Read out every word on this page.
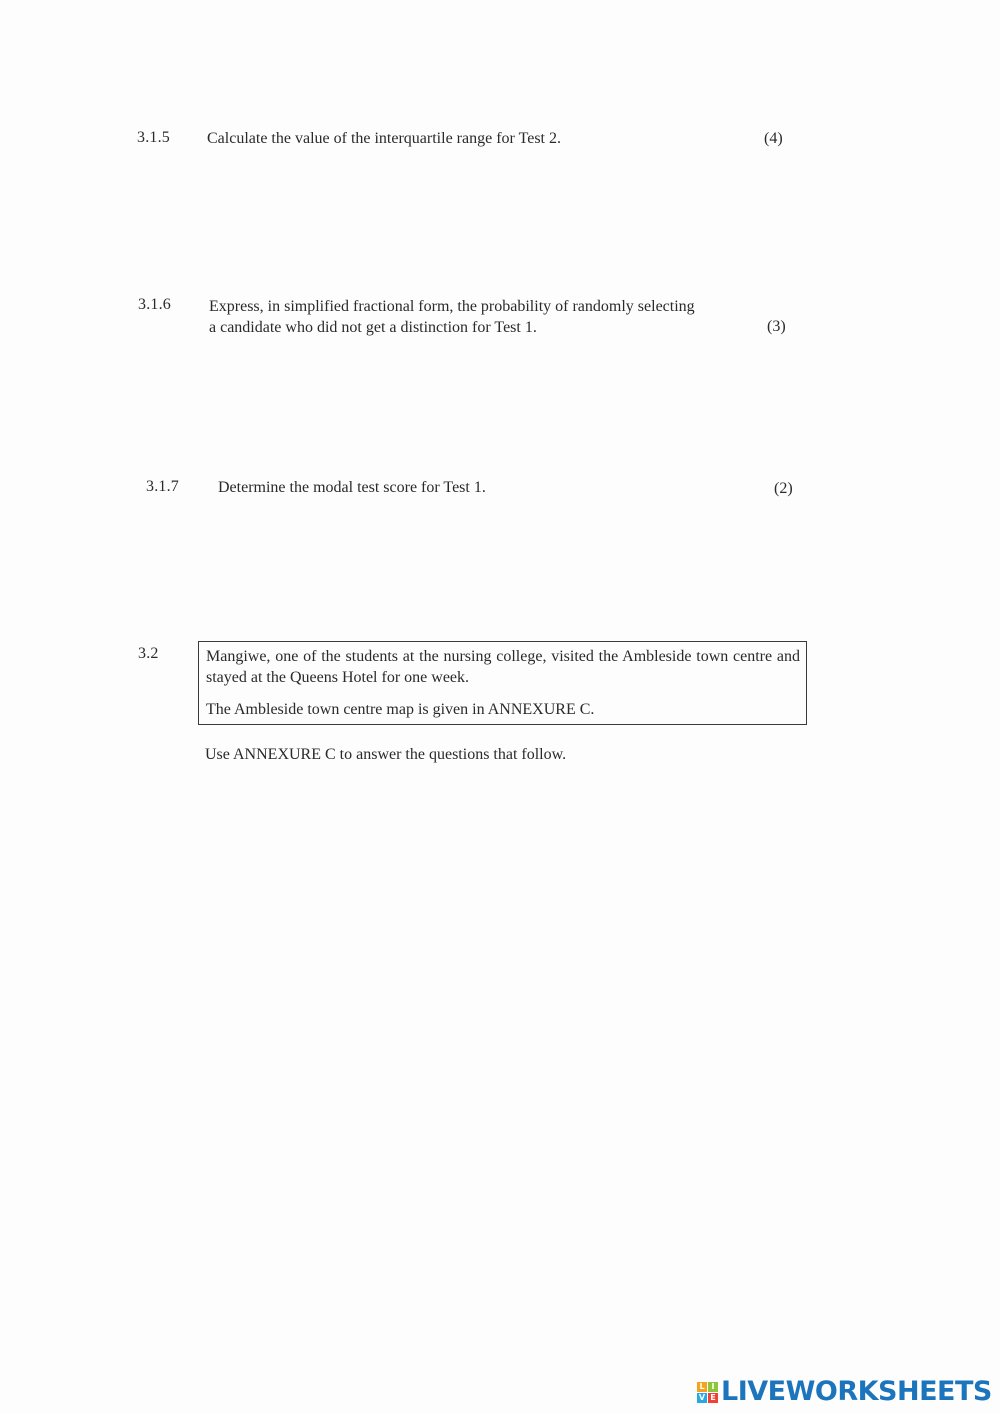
3.1.5 Calculate the value of the interquartile range for Test 2.	(4)
3.1.6 Express, in simplified fractional form, the probability of randomly selecting
a candidate who did not get a distinction for Test 1.	(3)
3.1.7 Determine the modal test score for Test 1.	(2)
3.2	Mangiwe, one of the students at the nursing college, visited the Ambleside town centre and stayed at the Queens Hotel for one week.

The Ambleside town centre map is given in ANNEXURE C.

Use ANNEXURE C to answer the questions that follow.
L I
V E LIVEWORKSHEETS
